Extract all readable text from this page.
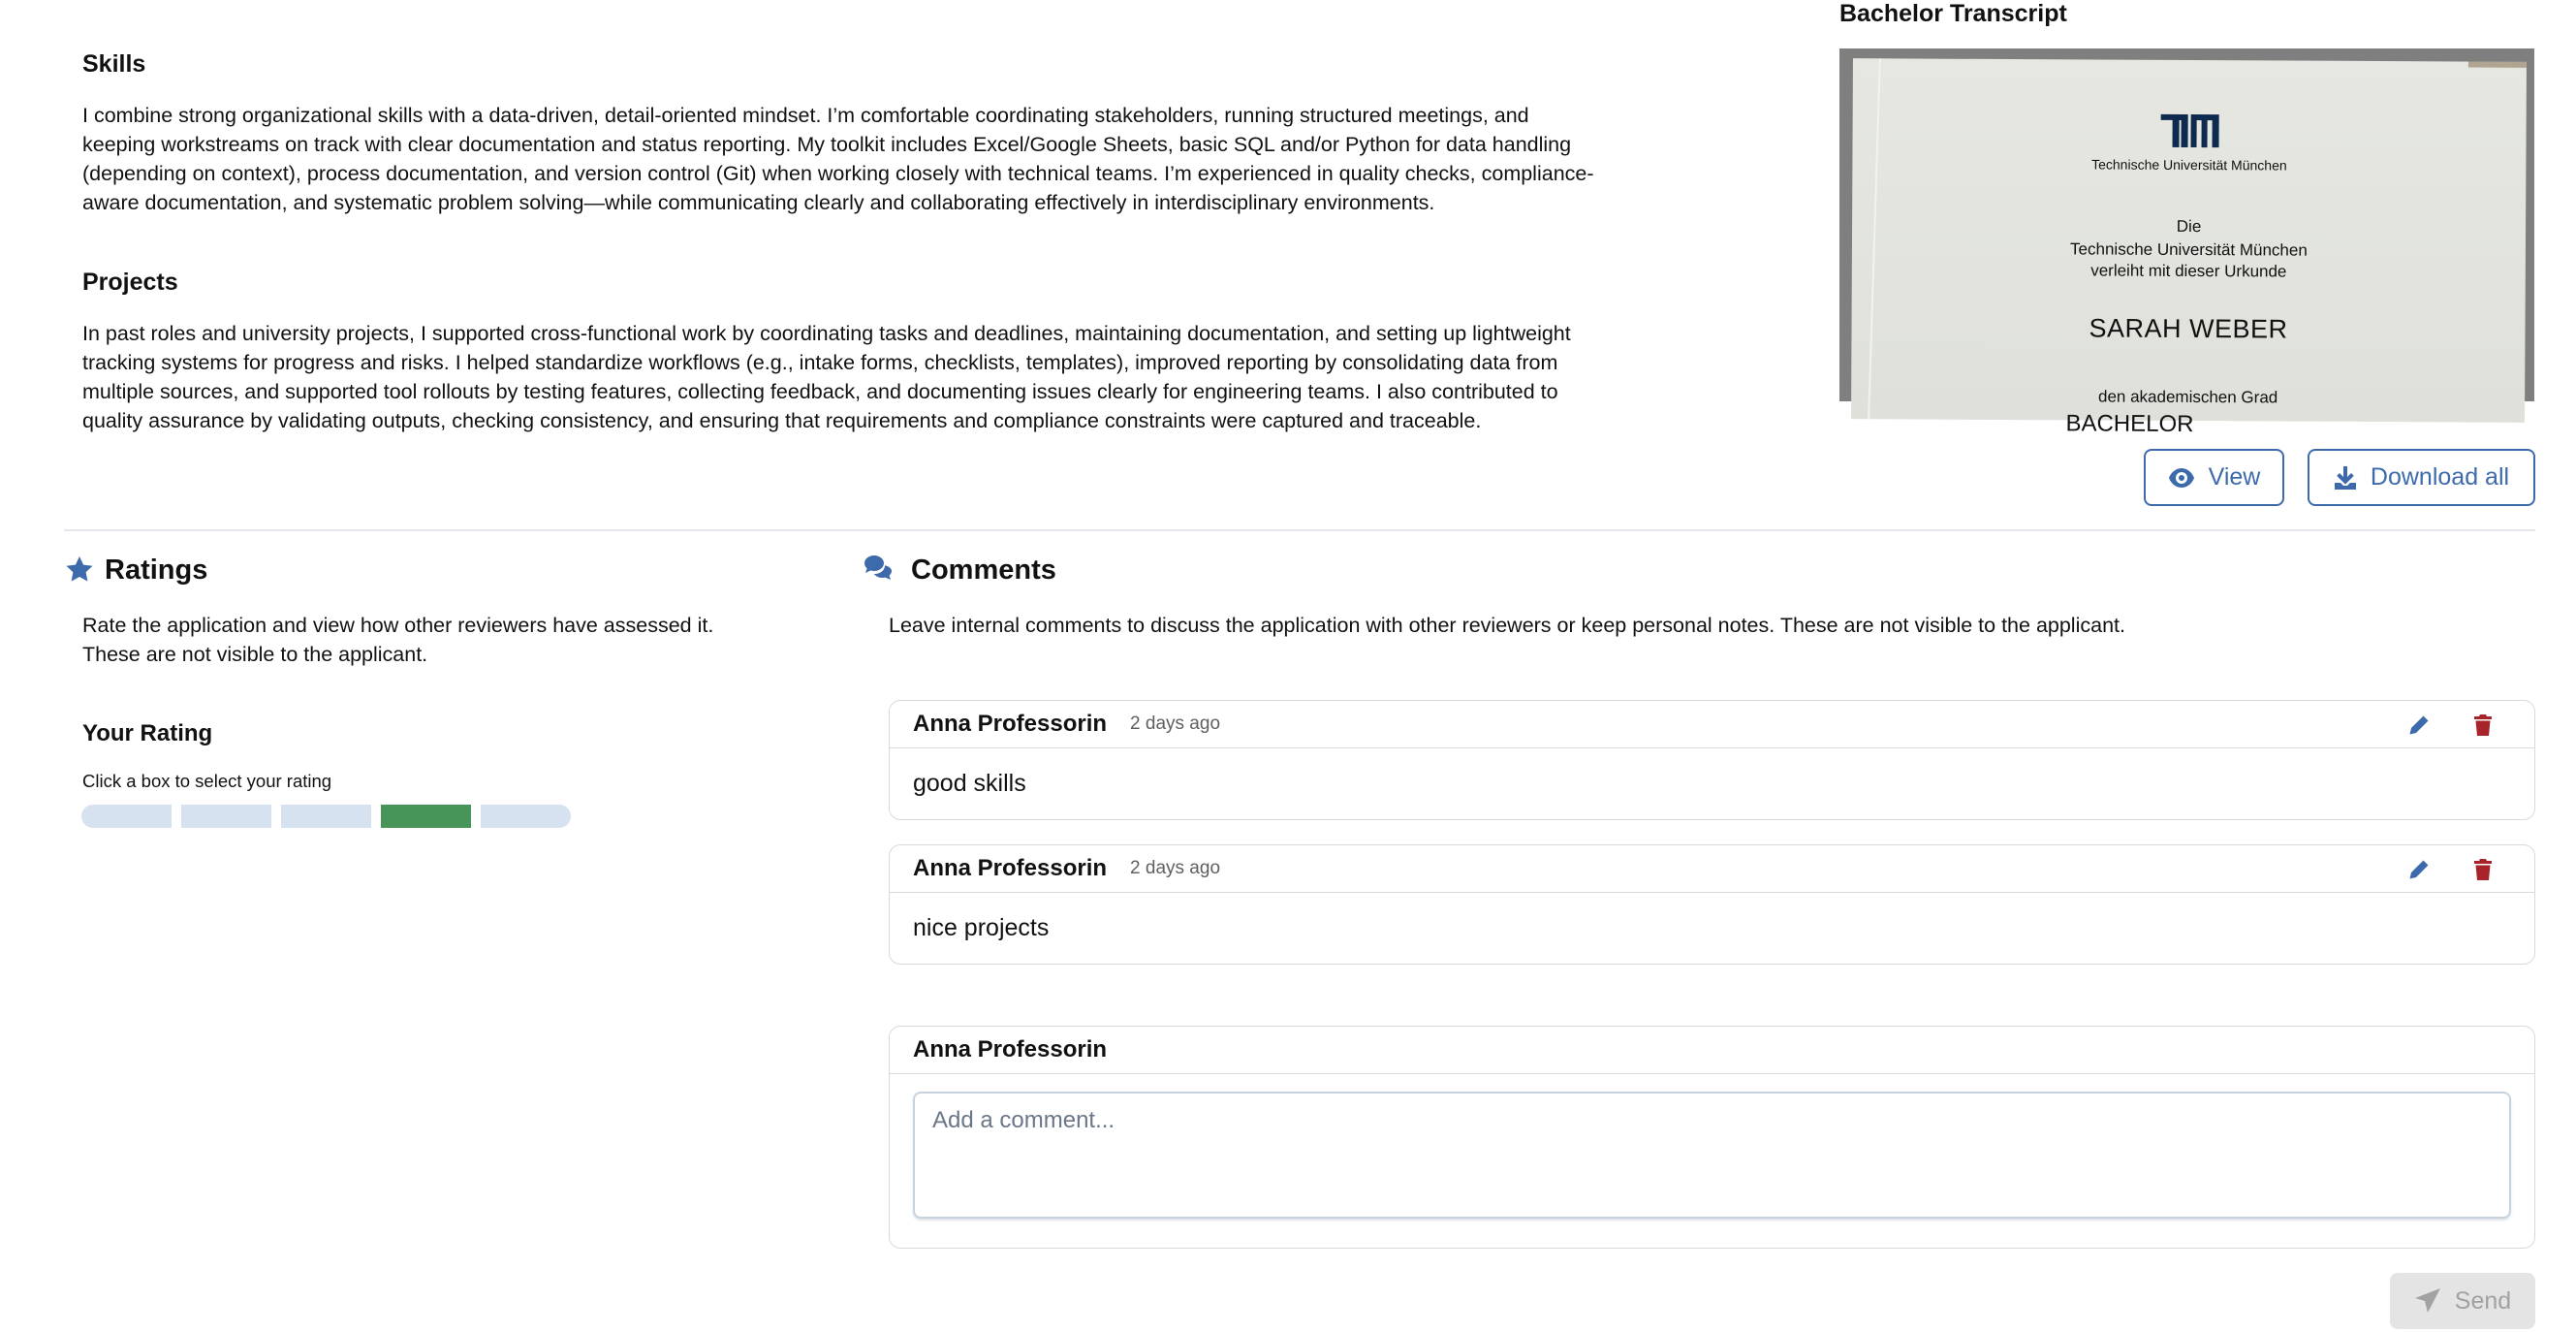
Skills
I combine strong organizational skills with a data-driven, detail-oriented mindset. I’m comfortable coordinating stakeholders, running structured meetings, and
keeping workstreams on track with clear documentation and status reporting. My toolkit includes Excel/Google Sheets, basic SQL and/or Python for data handling
(depending on context), process documentation, and version control (Git) when working closely with technical teams. I’m experienced in quality checks, compliance-
aware documentation, and systematic problem solving—while communicating clearly and collaborating effectively in interdisciplinary environments.
Projects
In past roles and university projects, I supported cross-functional work by coordinating tasks and deadlines, maintaining documentation, and setting up lightweight
tracking systems for progress and risks. I helped standardize workflows (e.g., intake forms, checklists, templates), improved reporting by consolidating data from
multiple sources, and supported tool rollouts by testing features, collecting feedback, and documenting issues clearly for engineering teams. I also contributed to
quality assurance by validating outputs, checking consistency, and ensuring that requirements and compliance constraints were captured and traceable.
Bachelor Transcript
Technische Universität München
Die
Technische Universität München
verleiht mit dieser Urkunde
SARAH WEBER
den akademischen Grad
BACHELOR
View	Download all
Ratings
Rate the application and view how other reviewers have assessed it.
These are not visible to the applicant.
Your Rating
Click a box to select your rating
Comments
Leave internal comments to discuss the application with other reviewers or keep personal notes. These are not visible to the applicant.
Anna Professorin 2 days ago
good skills
Anna Professorin 2 days ago
nice projects
Anna Professorin
Add a comment...
Send
